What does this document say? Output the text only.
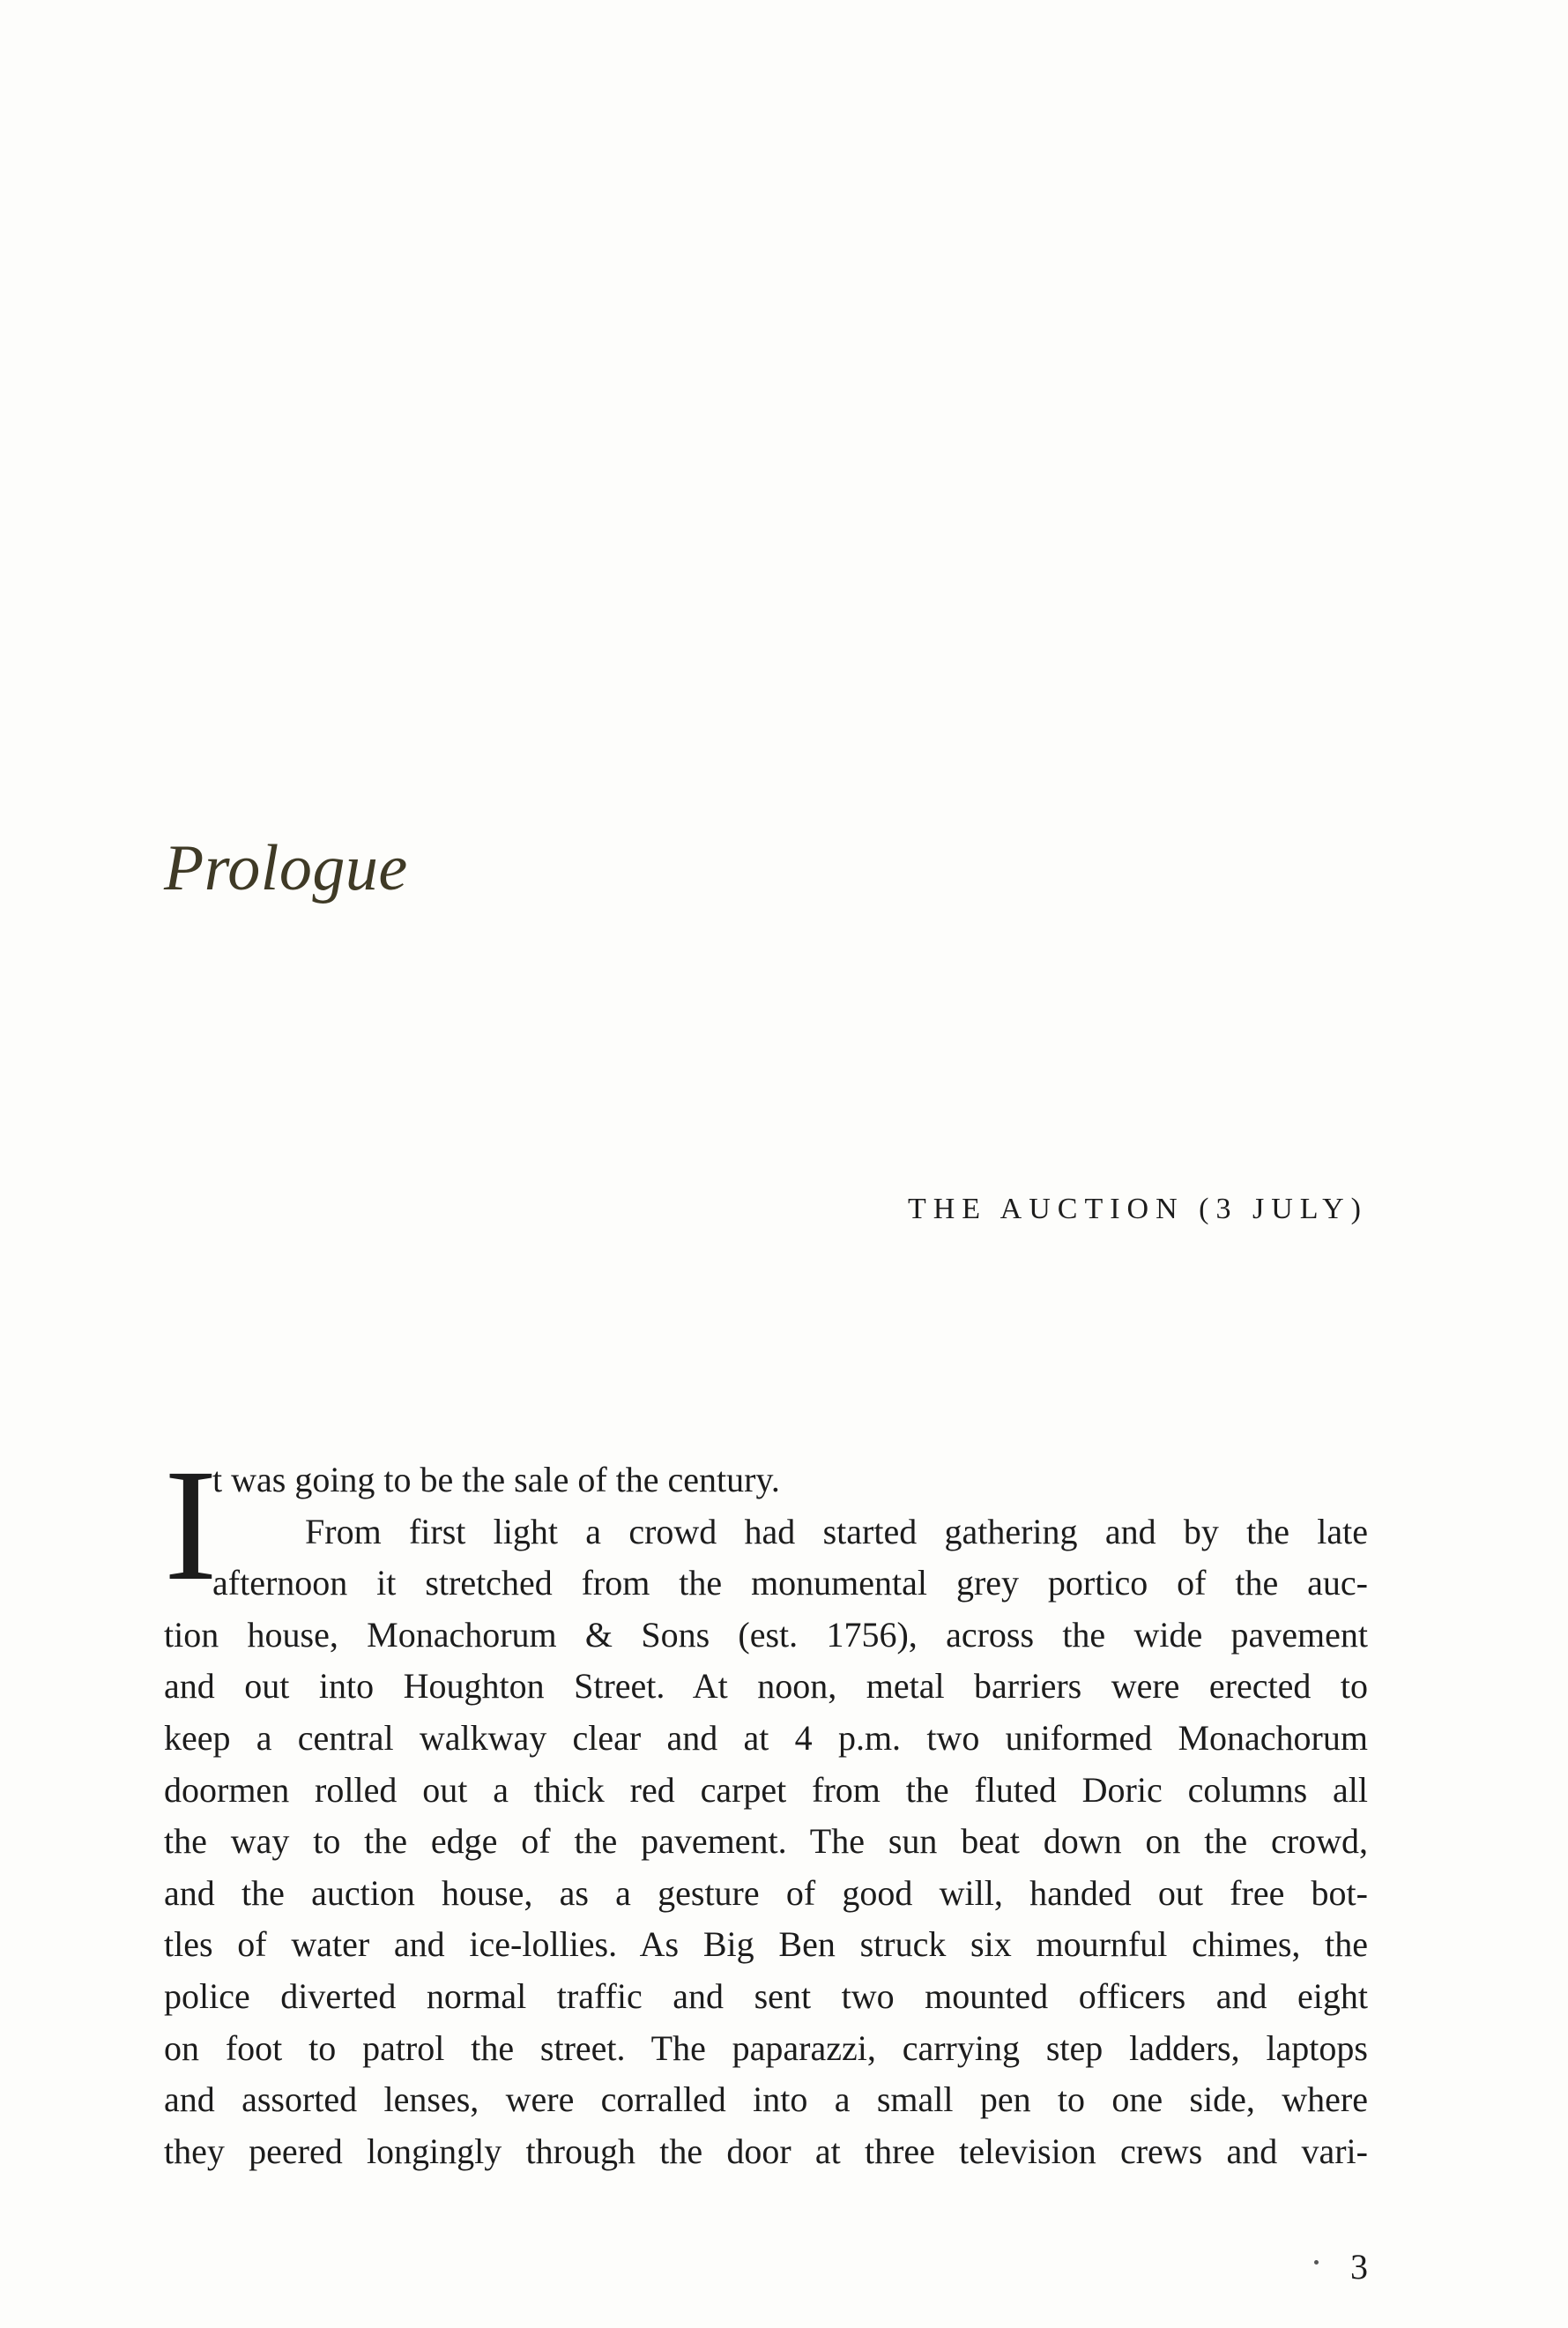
Prologue
THE AUCTION (3 JULY)
I
t was going to be the sale of the century.
From first light a crowd had started gathering and by the late
afternoon it stretched from the monumental grey portico of the auc-
tion house, Monachorum & Sons (est. 1756), across the wide pavement
and out into Houghton Street. At noon, metal barriers were erected to
keep a central walkway clear and at 4 p.m. two uniformed Monachorum
doormen rolled out a thick red carpet from the fluted Doric columns all
the way to the edge of the pavement. The sun beat down on the crowd,
and the auction house, as a gesture of good will, handed out free bot-
tles of water and ice-lollies. As Big Ben struck six mournful chimes, the
police diverted normal traffic and sent two mounted officers and eight
on foot to patrol the street. The paparazzi, carrying step ladders, laptops
and assorted lenses, were corralled into a small pen to one side, where
they peered longingly through the door at three television crews and vari-
3
